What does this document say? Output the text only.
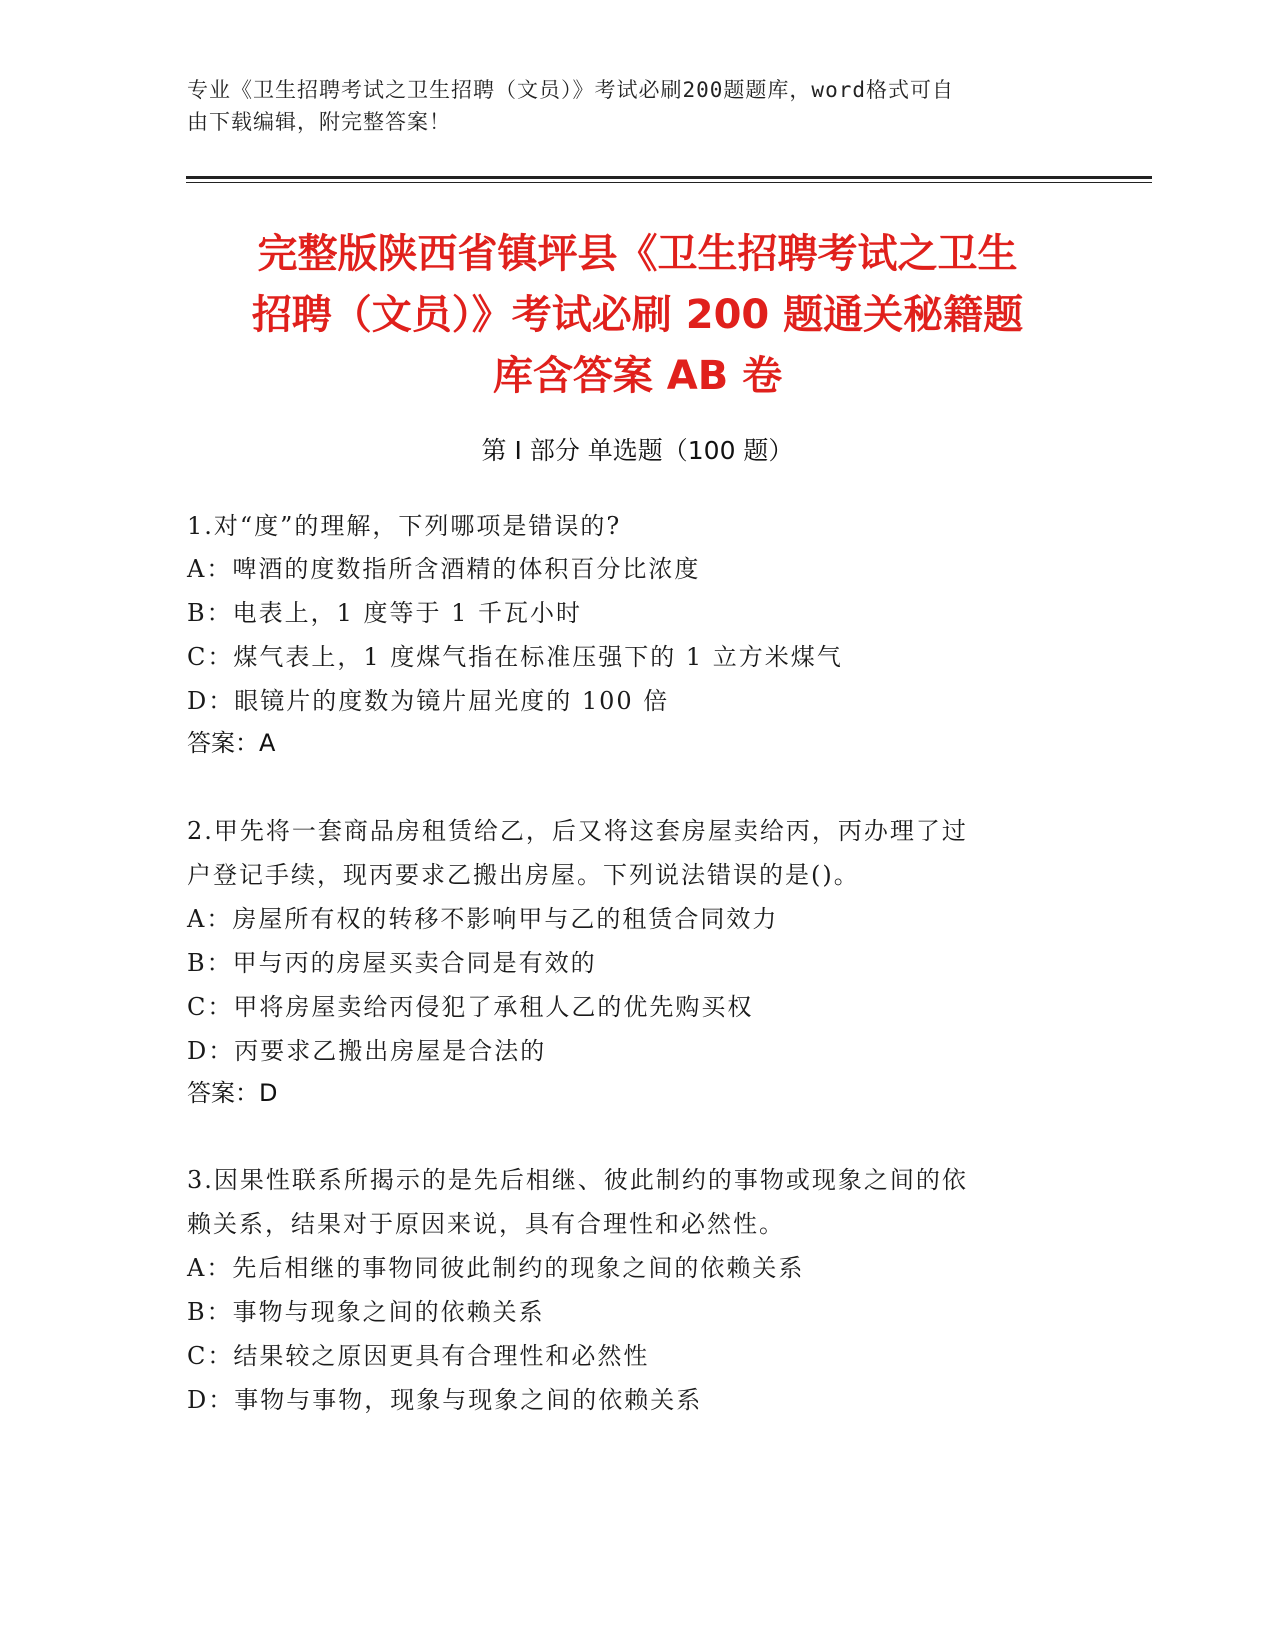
专业《卫生招聘考试之卫生招聘（文员）》考试必刷200题题库，word格式可自
由下载编辑，附完整答案！
完整版陕西省镇坪县《卫生招聘考试之卫生
招聘（文员）》考试必刷 200 题通关秘籍题
库含答案 AB 卷
第 I 部分 单选题（100 题）
1.对“度”的理解，下列哪项是错误的?
A：啤酒的度数指所含酒精的体积百分比浓度
B：电表上，1 度等于 1 千瓦小时
C：煤气表上，1 度煤气指在标准压强下的 1 立方米煤气
D：眼镜片的度数为镜片屈光度的 100 倍
答案：A
2.甲先将一套商品房租赁给乙，后又将这套房屋卖给丙，丙办理了过
户登记手续，现丙要求乙搬出房屋。下列说法错误的是()。
A：房屋所有权的转移不影响甲与乙的租赁合同效力
B：甲与丙的房屋买卖合同是有效的
C：甲将房屋卖给丙侵犯了承租人乙的优先购买权
D：丙要求乙搬出房屋是合法的
答案：D
3.因果性联系所揭示的是先后相继、彼此制约的事物或现象之间的依
赖关系，结果对于原因来说，具有合理性和必然性。
A：先后相继的事物同彼此制约的现象之间的依赖关系
B：事物与现象之间的依赖关系
C：结果较之原因更具有合理性和必然性
D：事物与事物，现象与现象之间的依赖关系
